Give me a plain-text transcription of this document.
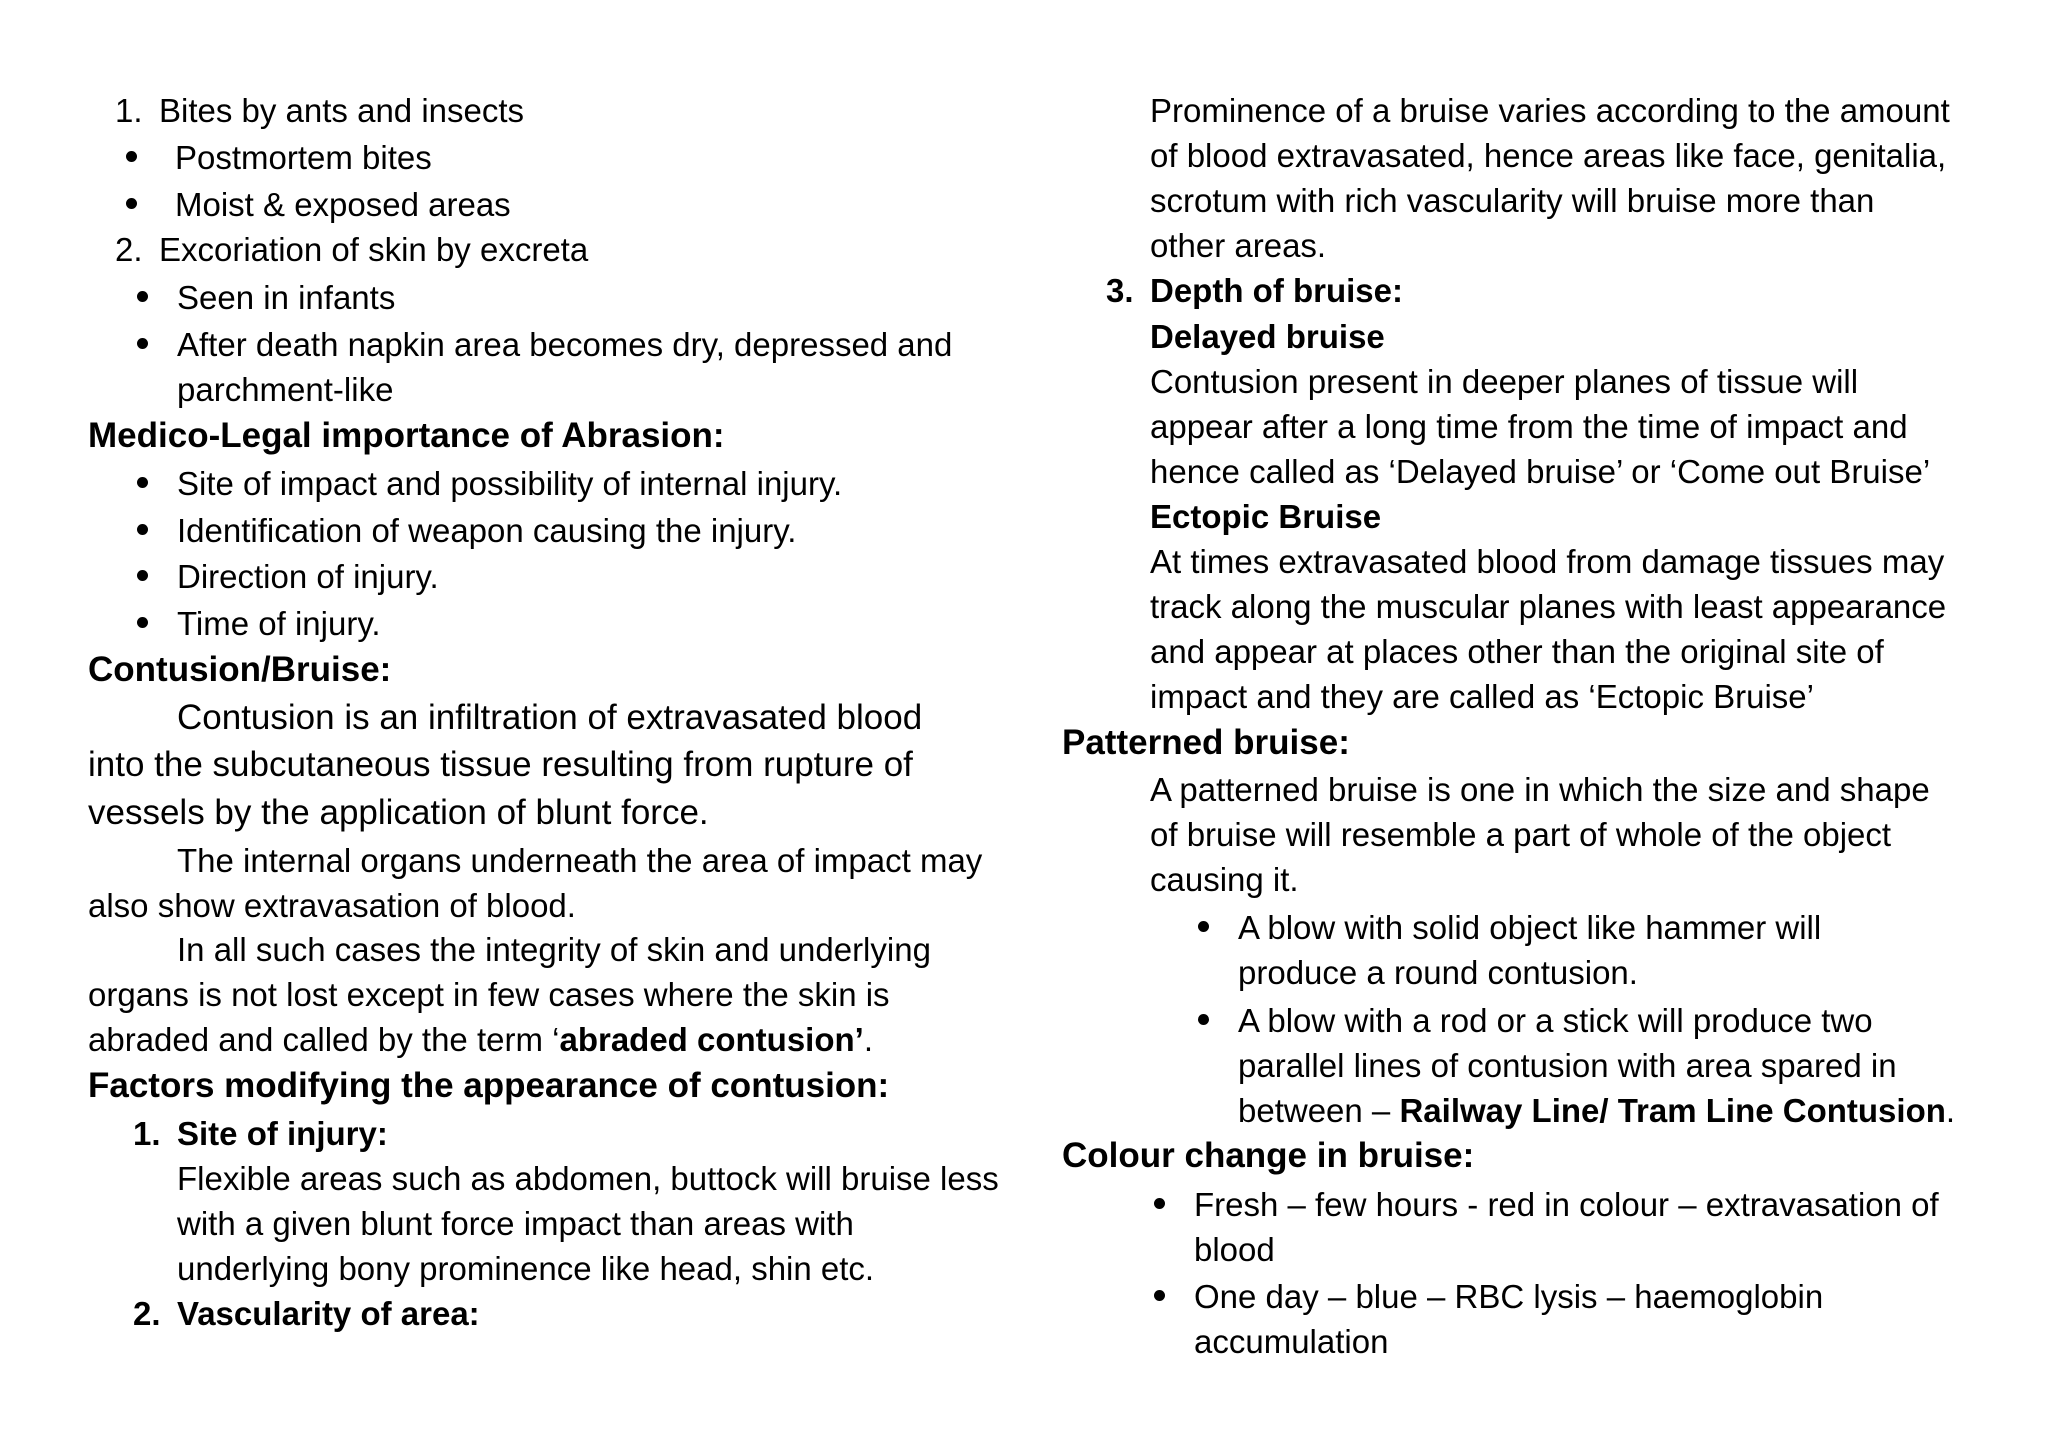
1. Bites by ants and insects
Postmortem bites
Moist & exposed areas
2. Excoriation of skin by excreta
Seen in infants
After death napkin area becomes dry, depressed and
parchment-like
Medico-Legal importance of Abrasion:
Site of impact and possibility of internal injury.
Identification of weapon causing the injury.
Direction of injury.
Time of injury.
Contusion/Bruise:
Contusion is an infiltration of extravasated blood
into the subcutaneous tissue resulting from rupture of
vessels by the application of blunt force.
The internal organs underneath the area of impact may
also show extravasation of blood.
In all such cases the integrity of skin and underlying
organs is not lost except in few cases where the skin is
abraded and called by the term ‘abraded contusion’.
Factors modifying the appearance of contusion:
1. Site of injury:
Flexible areas such as abdomen, buttock will bruise less
with a given blunt force impact than areas with
underlying bony prominence like head, shin etc.
2. Vascularity of area:
Prominence of a bruise varies according to the amount
of blood extravasated, hence areas like face, genitalia,
scrotum with rich vascularity will bruise more than
other areas.
3. Depth of bruise:
Delayed bruise
Contusion present in deeper planes of tissue will
appear after a long time from the time of impact and
hence called as ‘Delayed bruise’ or ‘Come out Bruise’
Ectopic Bruise
At times extravasated blood from damage tissues may
track along the muscular planes with least appearance
and appear at places other than the original site of
impact and they are called as ‘Ectopic Bruise’
Patterned bruise:
A patterned bruise is one in which the size and shape
of bruise will resemble a part of whole of the object
causing it.
A blow with solid object like hammer will
produce a round contusion.
A blow with a rod or a stick will produce two
parallel lines of contusion with area spared in
between – Railway Line/ Tram Line Contusion.
Colour change in bruise:
Fresh – few hours - red in colour – extravasation of
blood
One day – blue – RBC lysis – haemoglobin
accumulation
